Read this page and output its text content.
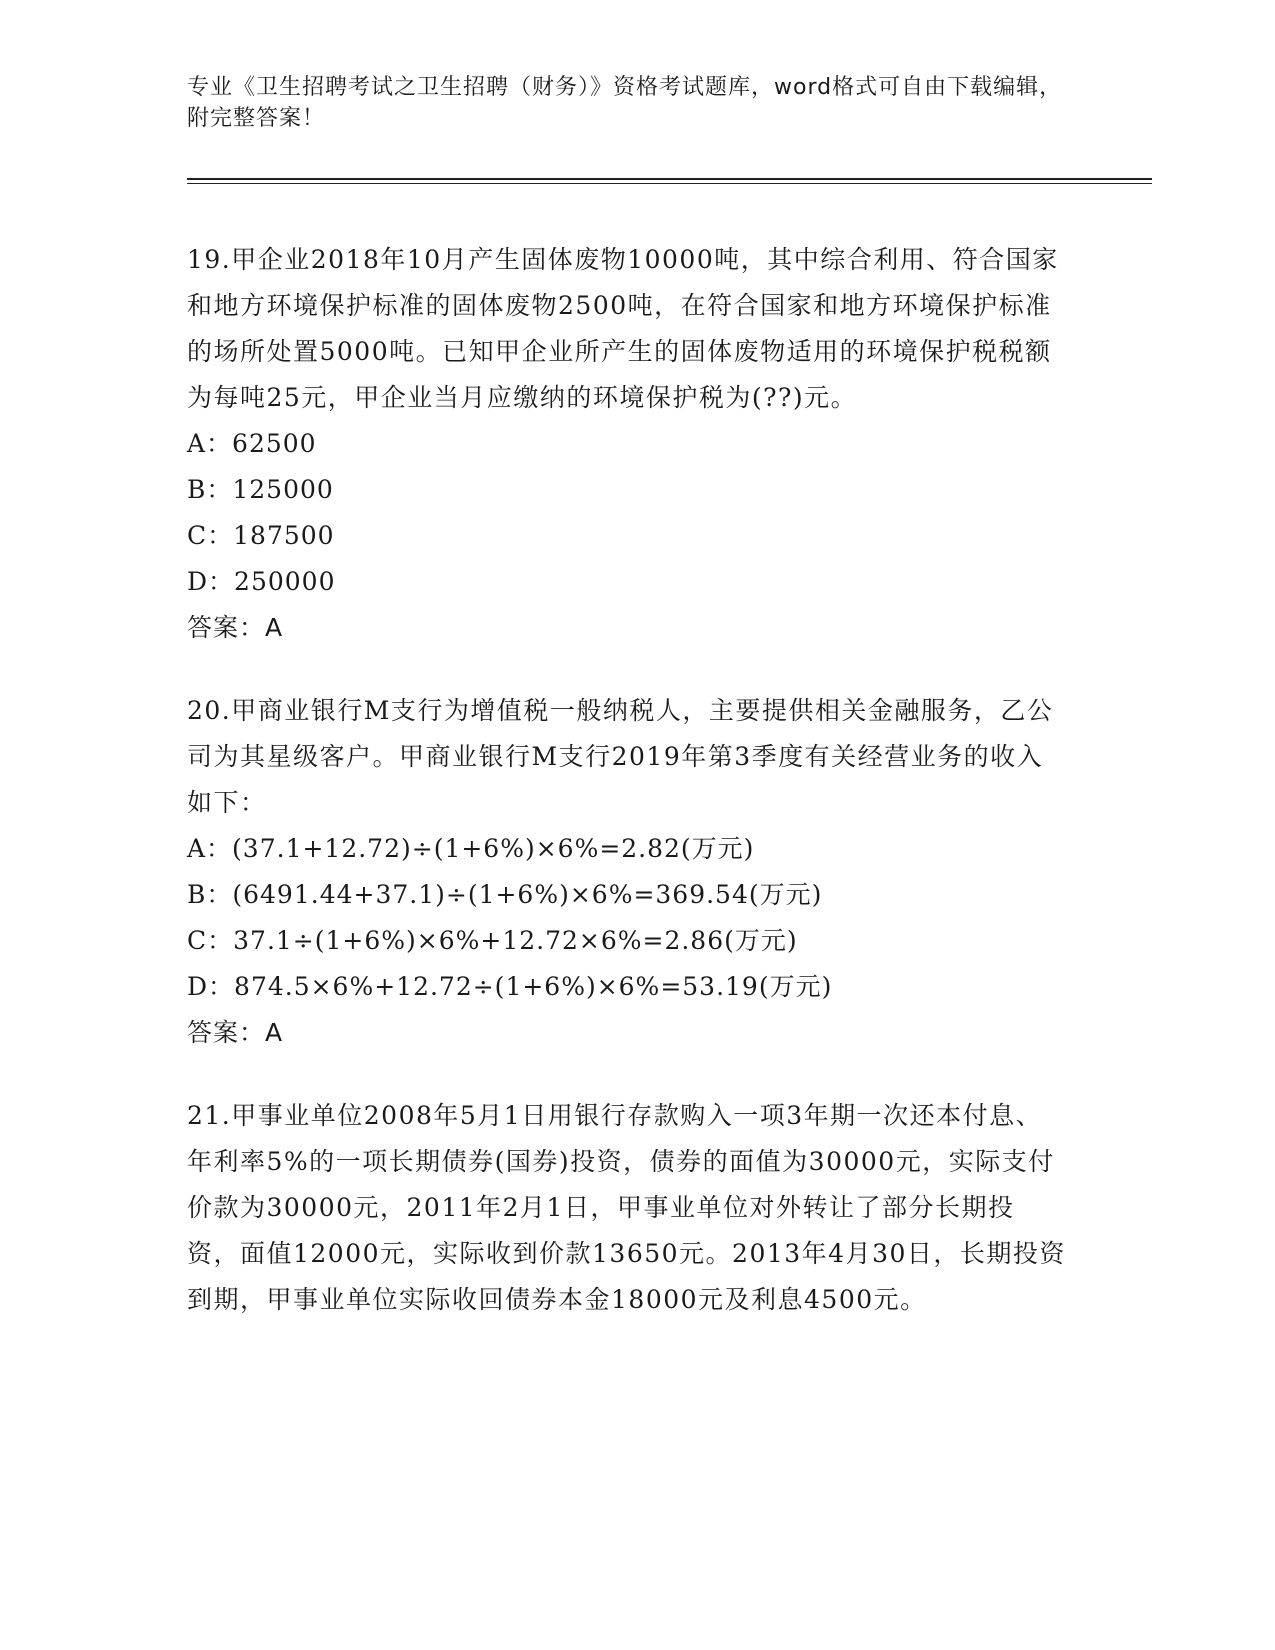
专业《卫生招聘考试之卫生招聘（财务）》资格考试题库，word格式可自由下载编辑，附完整答案！

19.甲企业2018年10月产生固体废物10000吨，其中综合利用、符合国家和地方环境保护标准的固体废物2500吨，在符合国家和地方环境保护标准的场所处置5000吨。已知甲企业所产生的固体废物适用的环境保护税税额为每吨25元，甲企业当月应缴纳的环境保护税为(??)元。

A：62500

B：125000

C：187500

D：250000

答案：A

20.甲商业银行M支行为增值税一般纳税人，主要提供相关金融服务，乙公司为其星级客户。甲商业银行M支行2019年第3季度有关经营业务的收入如下：

A：(37.1+12.72)÷(1+6%)×6%=2.82(万元)

B：(6491.44+37.1)÷(1+6%)×6%=369.54(万元)

C：37.1÷(1+6%)×6%+12.72×6%=2.86(万元)

D：874.5×6%+12.72÷(1+6%)×6%=53.19(万元)

答案：A

21.甲事业单位2008年5月1日用银行存款购入一项3年期一次还本付息、年利率5%的一项长期债券(国券)投资，债券的面值为30000元，实际支付价款为30000元，2011年2月1日，甲事业单位对外转让了部分长期投资，面值12000元，实际收到价款13650元。2013年4月30日，长期投资到期，甲事业单位实际收回债券本金18000元及利息4500元。
